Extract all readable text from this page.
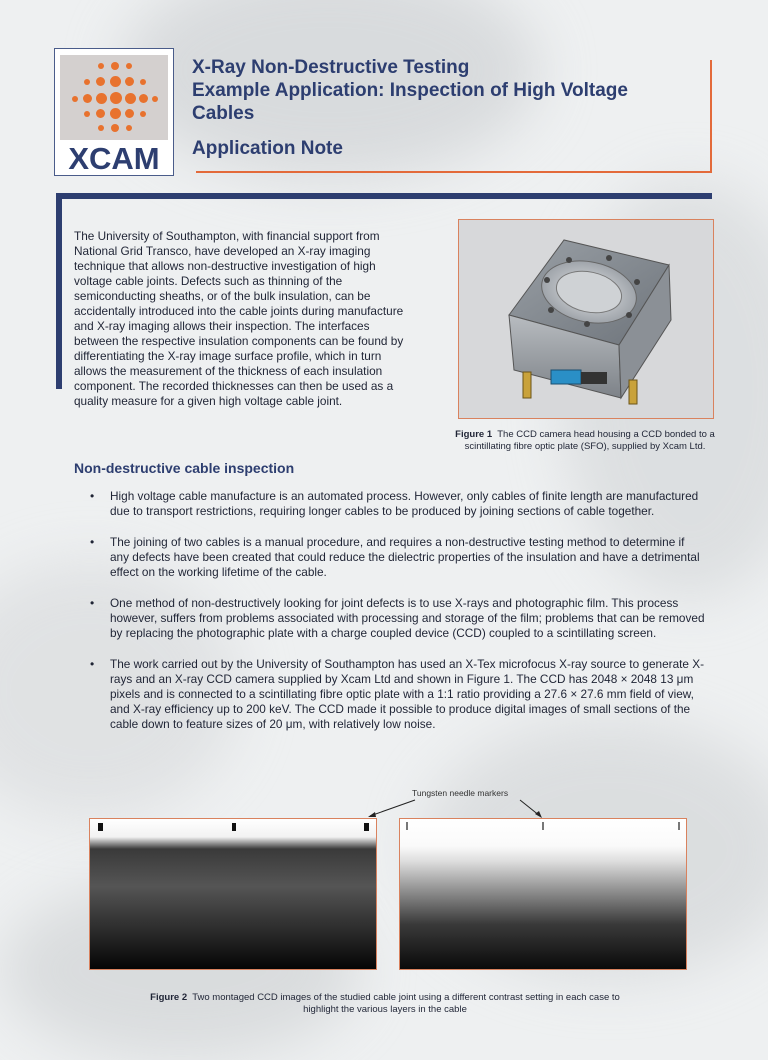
XCAM
X-Ray Non-Destructive Testing
Example Application: Inspection of High Voltage
Cables
Application Note
The University of Southampton, with financial support from National Grid Transco, have developed an X-ray imaging technique that allows non-destructive investigation of high voltage cable joints. Defects such as thinning of the semiconducting sheaths, or of the bulk insulation, can be accidentally introduced into the cable joints during manufacture and X-ray imaging allows their inspection. The interfaces between the respective insulation components can be found by differentiating the X-ray image surface profile, which in turn allows the measurement of the thickness of each insulation component. The recorded thicknesses can then be used as a quality measure for a given high voltage cable joint.
Figure 1 The CCD camera head housing a CCD bonded to a scintillating fibre optic plate (SFO), supplied by Xcam Ltd.
Non-destructive cable inspection
• High voltage cable manufacture is an automated process. However, only cables of finite length are manufactured due to transport restrictions, requiring longer cables to be produced by joining sections of cable together.
• The joining of two cables is a manual procedure, and requires a non-destructive testing method to determine if any defects have been created that could reduce the dielectric properties of the insulation and have a detrimental effect on the working lifetime of the cable.
• One method of non-destructively looking for joint defects is to use X-rays and photographic film. This process however, suffers from problems associated with processing and storage of the film; problems that can be removed by replacing the photographic plate with a charge coupled device (CCD) coupled to a scintillating screen.
• The work carried out by the University of Southampton has used an X-Tex microfocus X-ray source to generate X-rays and an X-ray CCD camera supplied by Xcam Ltd and shown in Figure 1. The CCD has 2048 × 2048 13 μm pixels and is connected to a scintillating fibre optic plate with a 1:1 ratio providing a 27.6 × 27.6 mm field of view, and X-ray efficiency up to 200 keV. The CCD made it possible to produce digital images of small sections of the cable down to feature sizes of 20 μm, with relatively low noise.
Tungsten needle markers
Figure 2 Two montaged CCD images of the studied cable joint using a different contrast setting in each case to highlight the various layers in the cable
